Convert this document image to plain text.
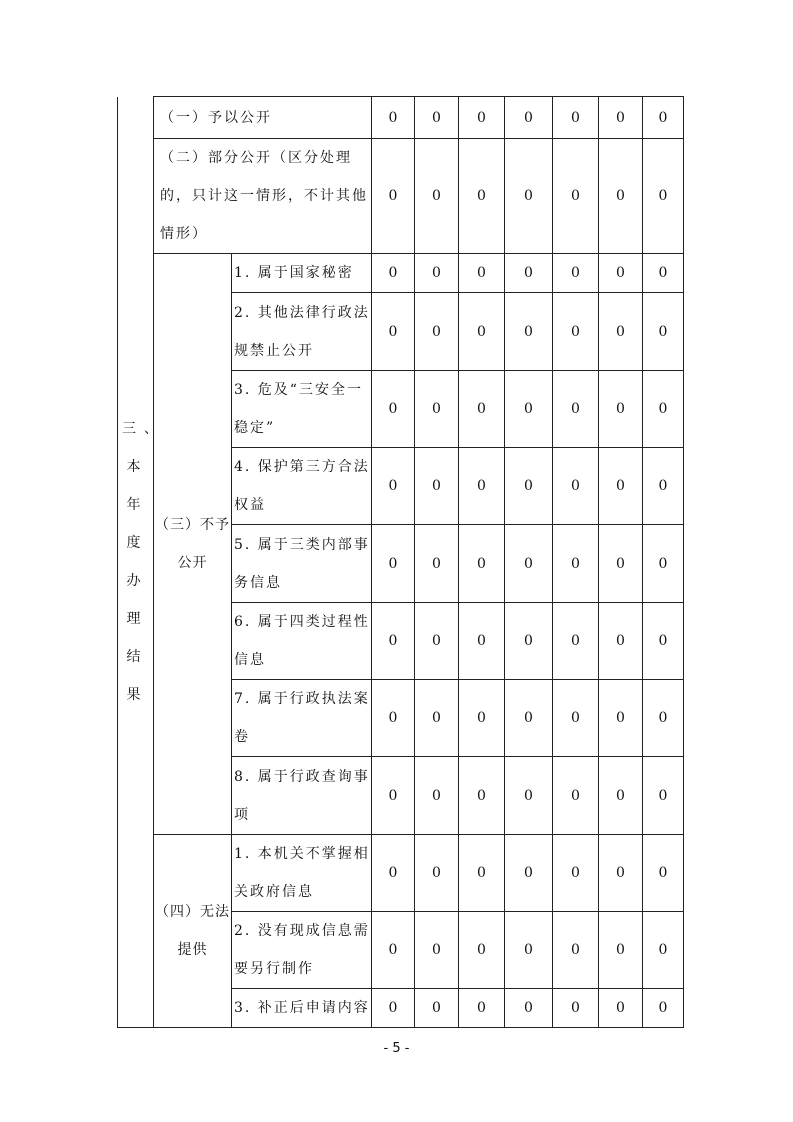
三、本年度办理结果	（一）予以公开		0	0	0	0	0	0	0
	（二）部分公开（区分处理的，只计这一情形，不计其他情形）		0	0	0	0	0	0	0
	（三）不予公开	1. 属于国家秘密	0	0	0	0	0	0	0
		2. 其他法律行政法规禁止公开	0	0	0	0	0	0	0
		3. 危及“三安全一稳定”	0	0	0	0	0	0	0
		4. 保护第三方合法权益	0	0	0	0	0	0	0
		5. 属于三类内部事务信息	0	0	0	0	0	0	0
		6. 属于四类过程性信息	0	0	0	0	0	0	0
		7. 属于行政执法案卷	0	0	0	0	0	0	0
		8. 属于行政查询事项	0	0	0	0	0	0	0
	（四）无法提供	1. 本机关不掌握相关政府信息	0	0	0	0	0	0	0
		2. 没有现成信息需要另行制作	0	0	0	0	0	0	0
		3. 补正后申请内容	0	0	0	0	0	0	0
- 5 -
